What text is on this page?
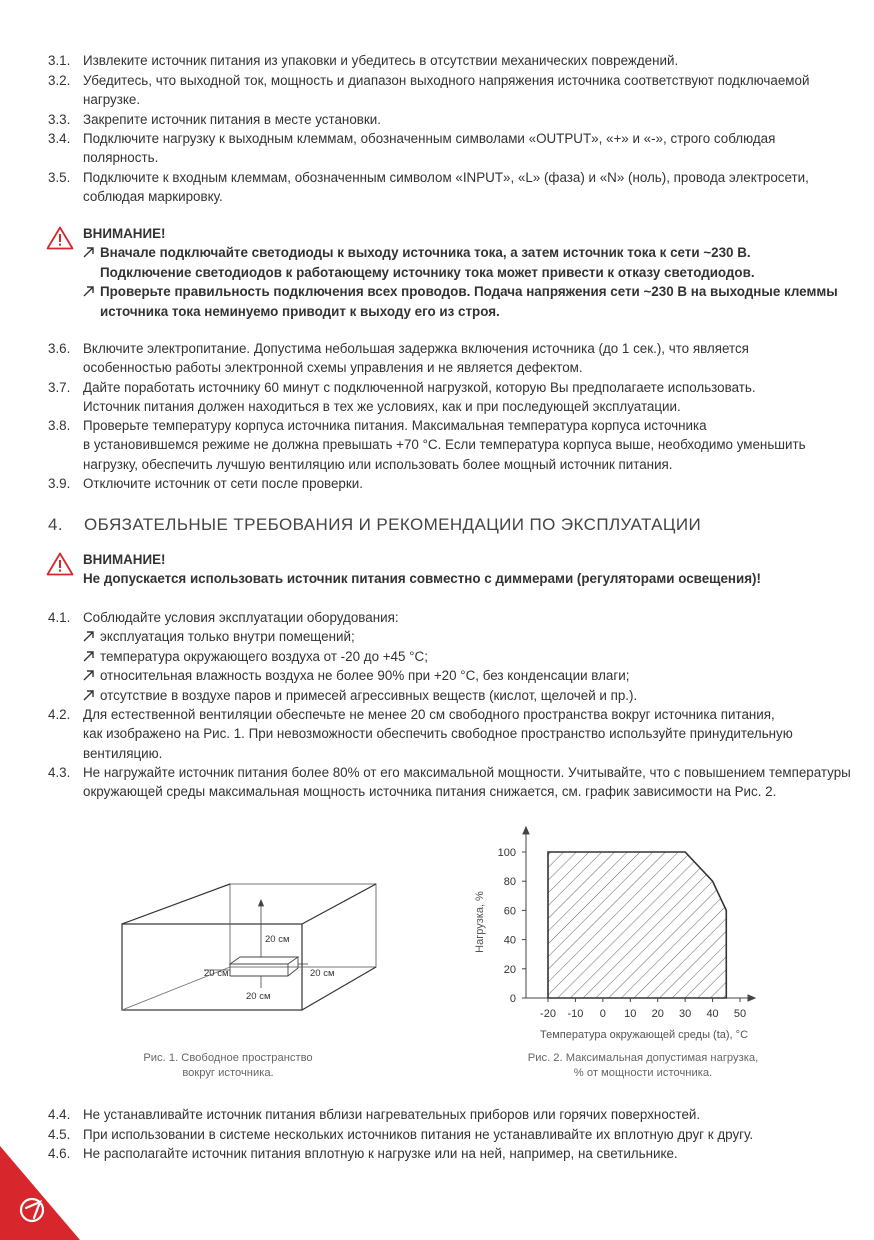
3.1. Извлеките источник питания из упаковки и убедитесь в отсутствии механических повреждений.
3.2. Убедитесь, что выходной ток, мощность и диапазон выходного напряжения источника соответствуют подключаемой
нагрузке.
3.3. Закрепите источник питания в месте установки.
3.4. Подключите нагрузку к выходным клеммам, обозначенным символами «OUTPUT», «+» и «-», строго соблюдая
полярность.
3.5. Подключите к входным клеммам, обозначенным символом «INPUT», «L» (фаза) и «N» (ноль), провода электросети,
соблюдая маркировку.
ВНИМАНИЕ!
Вначале подключайте светодиоды к выходу источника тока, а затем источник тока к сети ~230 В.
Подключение светодиодов к работающему источнику тока может привести к отказу светодиодов.
Проверьте правильность подключения всех проводов. Подача напряжения сети ~230 В на выходные клеммы
источника тока неминуемо приводит к выходу его из строя.
3.6. Включите электропитание. Допустима небольшая задержка включения источника (до 1 сек.), что является
особенностью работы электронной схемы управления и не является дефектом.
3.7. Дайте поработать источнику 60 минут с подключенной нагрузкой, которую Вы предполагаете использовать.
Источник питания должен находиться в тех же условиях, как и при последующей эксплуатации.
3.8. Проверьте температуру корпуса источника питания. Максимальная температура корпуса источника
в установившемся режиме не должна превышать +70 °C. Если температура корпуса выше, необходимо уменьшить
нагрузку, обеспечить лучшую вентиляцию или использовать более мощный источник питания.
3.9. Отключите источник от сети после проверки.
4. ОБЯЗАТЕЛЬНЫЕ ТРЕБОВАНИЯ И РЕКОМЕНДАЦИИ ПО ЭКСПЛУАТАЦИИ
ВНИМАНИЕ!
Не допускается использовать источник питания совместно с диммерами (регуляторами освещения)!
4.1. Соблюдайте условия эксплуатации оборудования:
эксплуатация только внутри помещений;
температура окружающего воздуха от -20 до +45 °C;
относительная влажность воздуха не более 90% при +20 °C, без конденсации влаги;
отсутствие в воздухе паров и примесей агрессивных веществ (кислот, щелочей и пр.).
4.2. Для естественной вентиляции обеспечьте не менее 20 см свободного пространства вокруг источника питания,
как изображено на Рис. 1. При невозможности обеспечить свободное пространство используйте принудительную
вентиляцию.
4.3. Не нагружайте источник питания более 80% от его максимальной мощности. Учитывайте, что с повышением температуры
окружающей среды максимальная мощность источника питания снижается, см. график зависимости на Рис. 2.
20 см
20 см	20 см
20 см
Рис. 1. Свободное пространство
вокруг источника.
-20 -10 0 10 20 30 40 50
0
20
40
60
80
100
Температура окружающей среды (ta), °C
Нагрузка, %
Рис. 2. Максимальная допустимая нагрузка,
% от мощности источника.
4.4. Не устанавливайте источник питания вблизи нагревательных приборов или горячих поверхностей.
4.5. При использовании в системе нескольких источников питания не устанавливайте их вплотную друг к другу.
4.6. Не располагайте источник питания вплотную к нагрузке или на ней, например, на светильнике.
